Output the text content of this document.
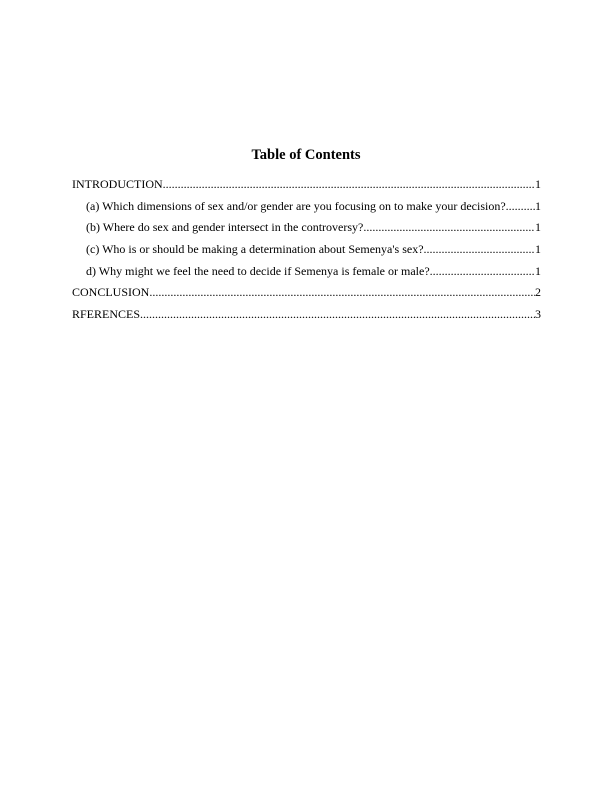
Table of Contents
INTRODUCTION .....	1
(a) Which dimensions of sex and/or gender are you focusing on to make your decision? ..... 1
(b) Where do sex and gender intersect in the controversy? .....	1
(c) Who is or should be making a determination about Semenya's sex? .....	1
d) Why might we feel the need to decide if Semenya is female or male? .....	1
CONCLUSION .....	2
RFERENCES .....	3
